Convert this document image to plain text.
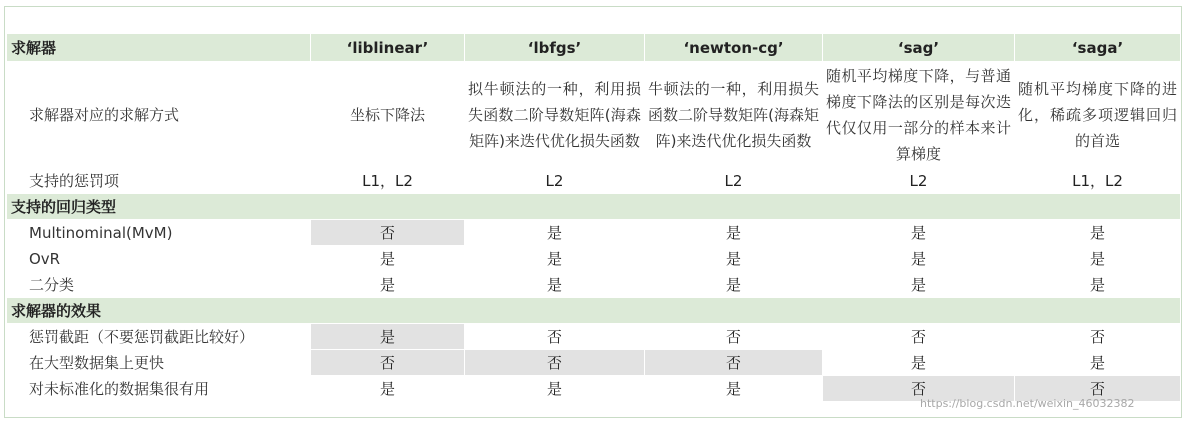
求解器	‘liblinear’	‘lbfgs’	‘newton-cg’	‘sag’	‘saga’
求解器对应的求解方式	坐标下降法	拟牛顿法的一种，利用损失函数二阶导数矩阵(海森矩阵)来迭代优化损失函数	牛顿法的一种，利用损失函数二阶导数矩阵(海森矩阵)来迭代优化损失函数	随机平均梯度下降，与普通梯度下降法的区别是每次迭代仅仅用一部分的样本来计算梯度	随机平均梯度下降的进化，稀疏多项逻辑回归的首选
支持的惩罚项	L1，L2	L2	L2	L2	L1，L2
支持的回归类型					
Multinominal(MvM)	否	是	是	是	是
OvR	是	是	是	是	是
二分类	是	是	是	是	是
求解器的效果					
惩罚截距（不要惩罚截距比较好）	是	否	否	否	否
在大型数据集上更快	否	否	否	是	是
对未标准化的数据集很有用	是	是	是	否	否
https://blog.csdn.net/weixin_46032382
